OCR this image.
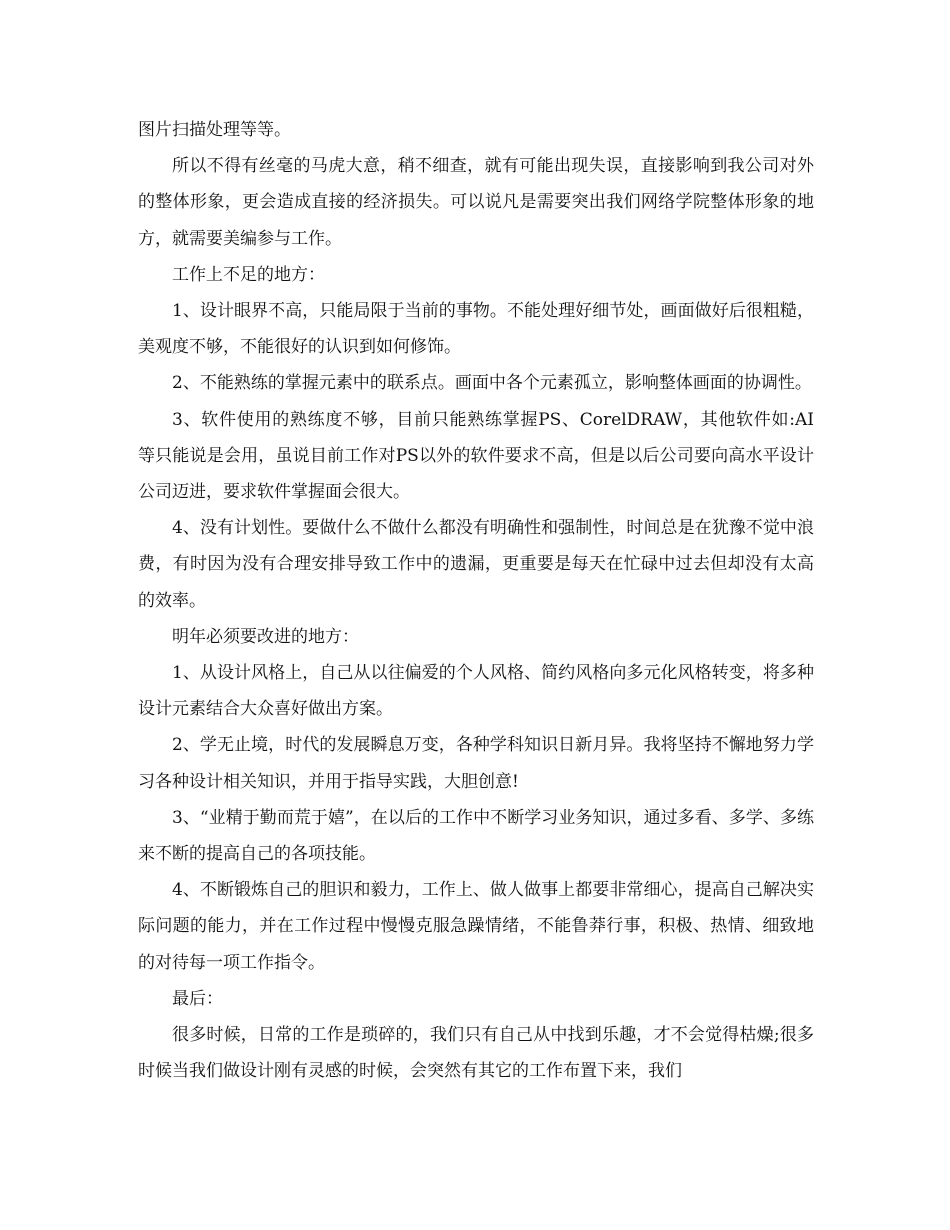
图片扫描处理等等。

所以不得有丝毫的马虎大意，稍不细查，就有可能出现失误，直接影响到我公司对外的整体形象，更会造成直接的经济损失。可以说凡是需要突出我们网络学院整体形象的地方，就需要美编参与工作。

工作上不足的地方：

1、设计眼界不高，只能局限于当前的事物。不能处理好细节处，画面做好后很粗糙，美观度不够，不能很好的认识到如何修饰。

2、不能熟练的掌握元素中的联系点。画面中各个元素孤立，影响整体画面的协调性。

3、软件使用的熟练度不够，目前只能熟练掌握PS、CorelDRAW，其他软件如:AI 等只能说是会用，虽说目前工作对PS以外的软件要求不高，但是以后公司要向高水平设计公司迈进，要求软件掌握面会很大。

4、没有计划性。要做什么不做什么都没有明确性和强制性，时间总是在犹豫不觉中浪费，有时因为没有合理安排导致工作中的遗漏，更重要是每天在忙碌中过去但却没有太高的效率。

明年必须要改进的地方：

1、从设计风格上，自己从以往偏爱的个人风格、简约风格向多元化风格转变，将多种设计元素结合大众喜好做出方案。

2、学无止境，时代的发展瞬息万变，各种学科知识日新月异。我将坚持不懈地努力学习各种设计相关知识，并用于指导实践，大胆创意!

3、“业精于勤而荒于嬉”，在以后的工作中不断学习业务知识，通过多看、多学、多练来不断的提高自己的各项技能。

4、不断锻炼自己的胆识和毅力，工作上、做人做事上都要非常细心，提高自己解决实际问题的能力，并在工作过程中慢慢克服急躁情绪，不能鲁莽行事，积极、热情、细致地的对待每一项工作指令。

最后：

很多时候，日常的工作是琐碎的，我们只有自己从中找到乐趣，才不会觉得枯燥;很多时候当我们做设计刚有灵感的时候，会突然有其它的工作布置下来，我们
